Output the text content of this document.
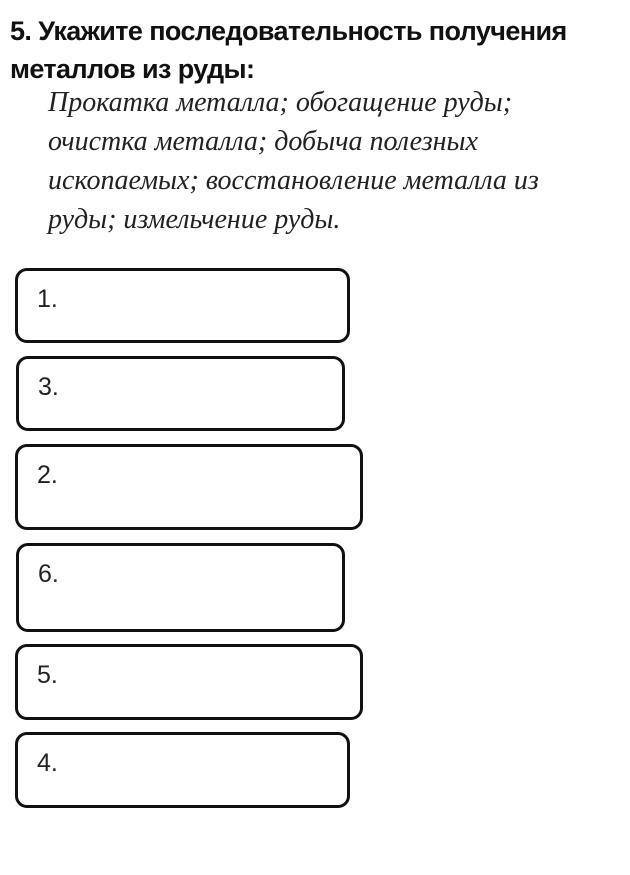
5. Укажите последовательность получения
металлов из руды:

Прокатка металла; обогащение руды;
очистка металла; добыча полезных
ископаемых; восстановление металла из
руды; измельчение руды.

1.
3.
2.
6.
5.
4.
